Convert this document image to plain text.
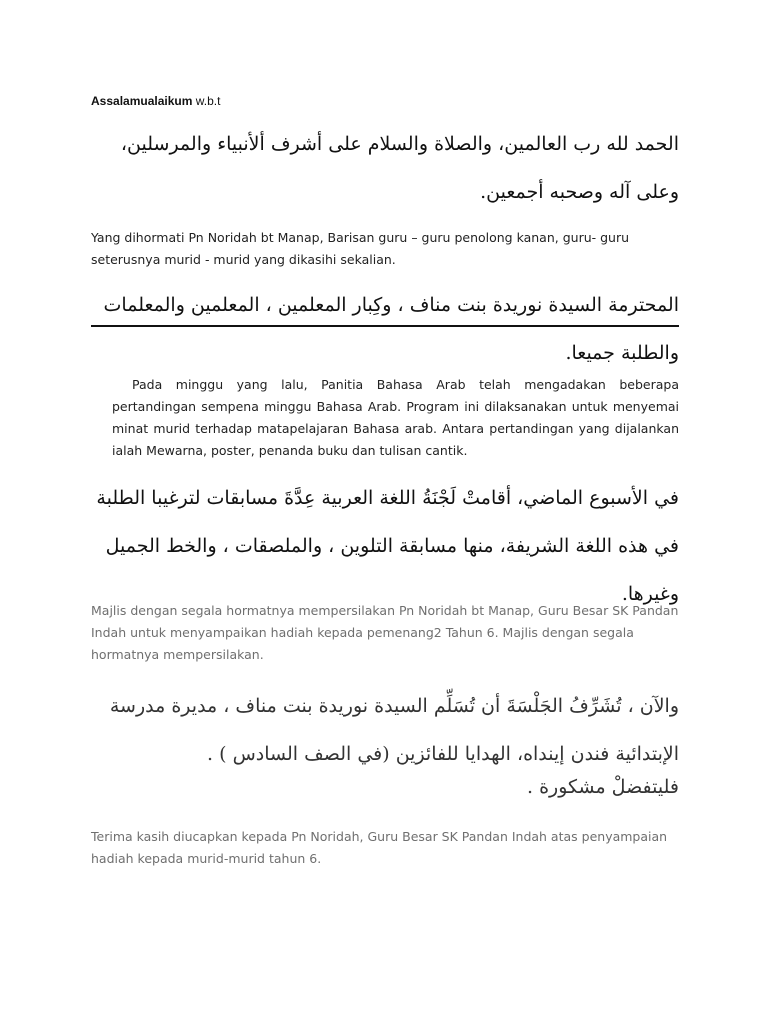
Assalamualaikum w.b.t
الحمد لله رب العالمين، والصلاة والسلام على أشرف ألأنبياء والمرسلين، وعلى آله وصحبه أجمعين.
Yang dihormati Pn Noridah bt Manap, Barisan guru – guru penolong kanan, guru- guru
seterusnya murid - murid yang dikasihi sekalian.
المحترمة السيدة نوريدة بنت مناف ، وكِبار المعلمين ، المعلمين والمعلمات والطلبة جميعا.
Pada minggu yang lalu, Panitia Bahasa Arab telah mengadakan beberapa pertandingan sempena minggu Bahasa Arab. Program ini dilaksanakan untuk menyemai minat murid terhadap matapelajaran Bahasa arab. Antara pertandingan yang dijalankan ialah Mewarna, poster, penanda buku dan tulisan cantik.
في الأسبوع الماضي، أقامتْ لَجْنَةُ اللغة العربية عِدَّةَ مسابقات لترغيبا الطلبة في هذه اللغة الشريفة، منها مسابقة التلوين ، والملصقات ، والخط الجميل وغيرها.
Majlis dengan segala hormatnya mempersilakan Pn Noridah bt Manap, Guru Besar SK Pandan Indah untuk menyampaikan hadiah kepada pemenang2 Tahun 6. Majlis dengan segala hormatnya mempersilakan.
والآن ، تُشَرِّفُ الجَلْسَةَ أن تُسَلِّم السيدة نوريدة بنت مناف ، مديرة مدرسة الإبتدائية فندن إينداه، الهدايا للفائزين (في الصف السادس ) .
فليتفضلْ مشكورة .
Terima kasih diucapkan kepada Pn Noridah, Guru Besar SK Pandan Indah atas penyampaian hadiah kepada murid-murid tahun 6.
